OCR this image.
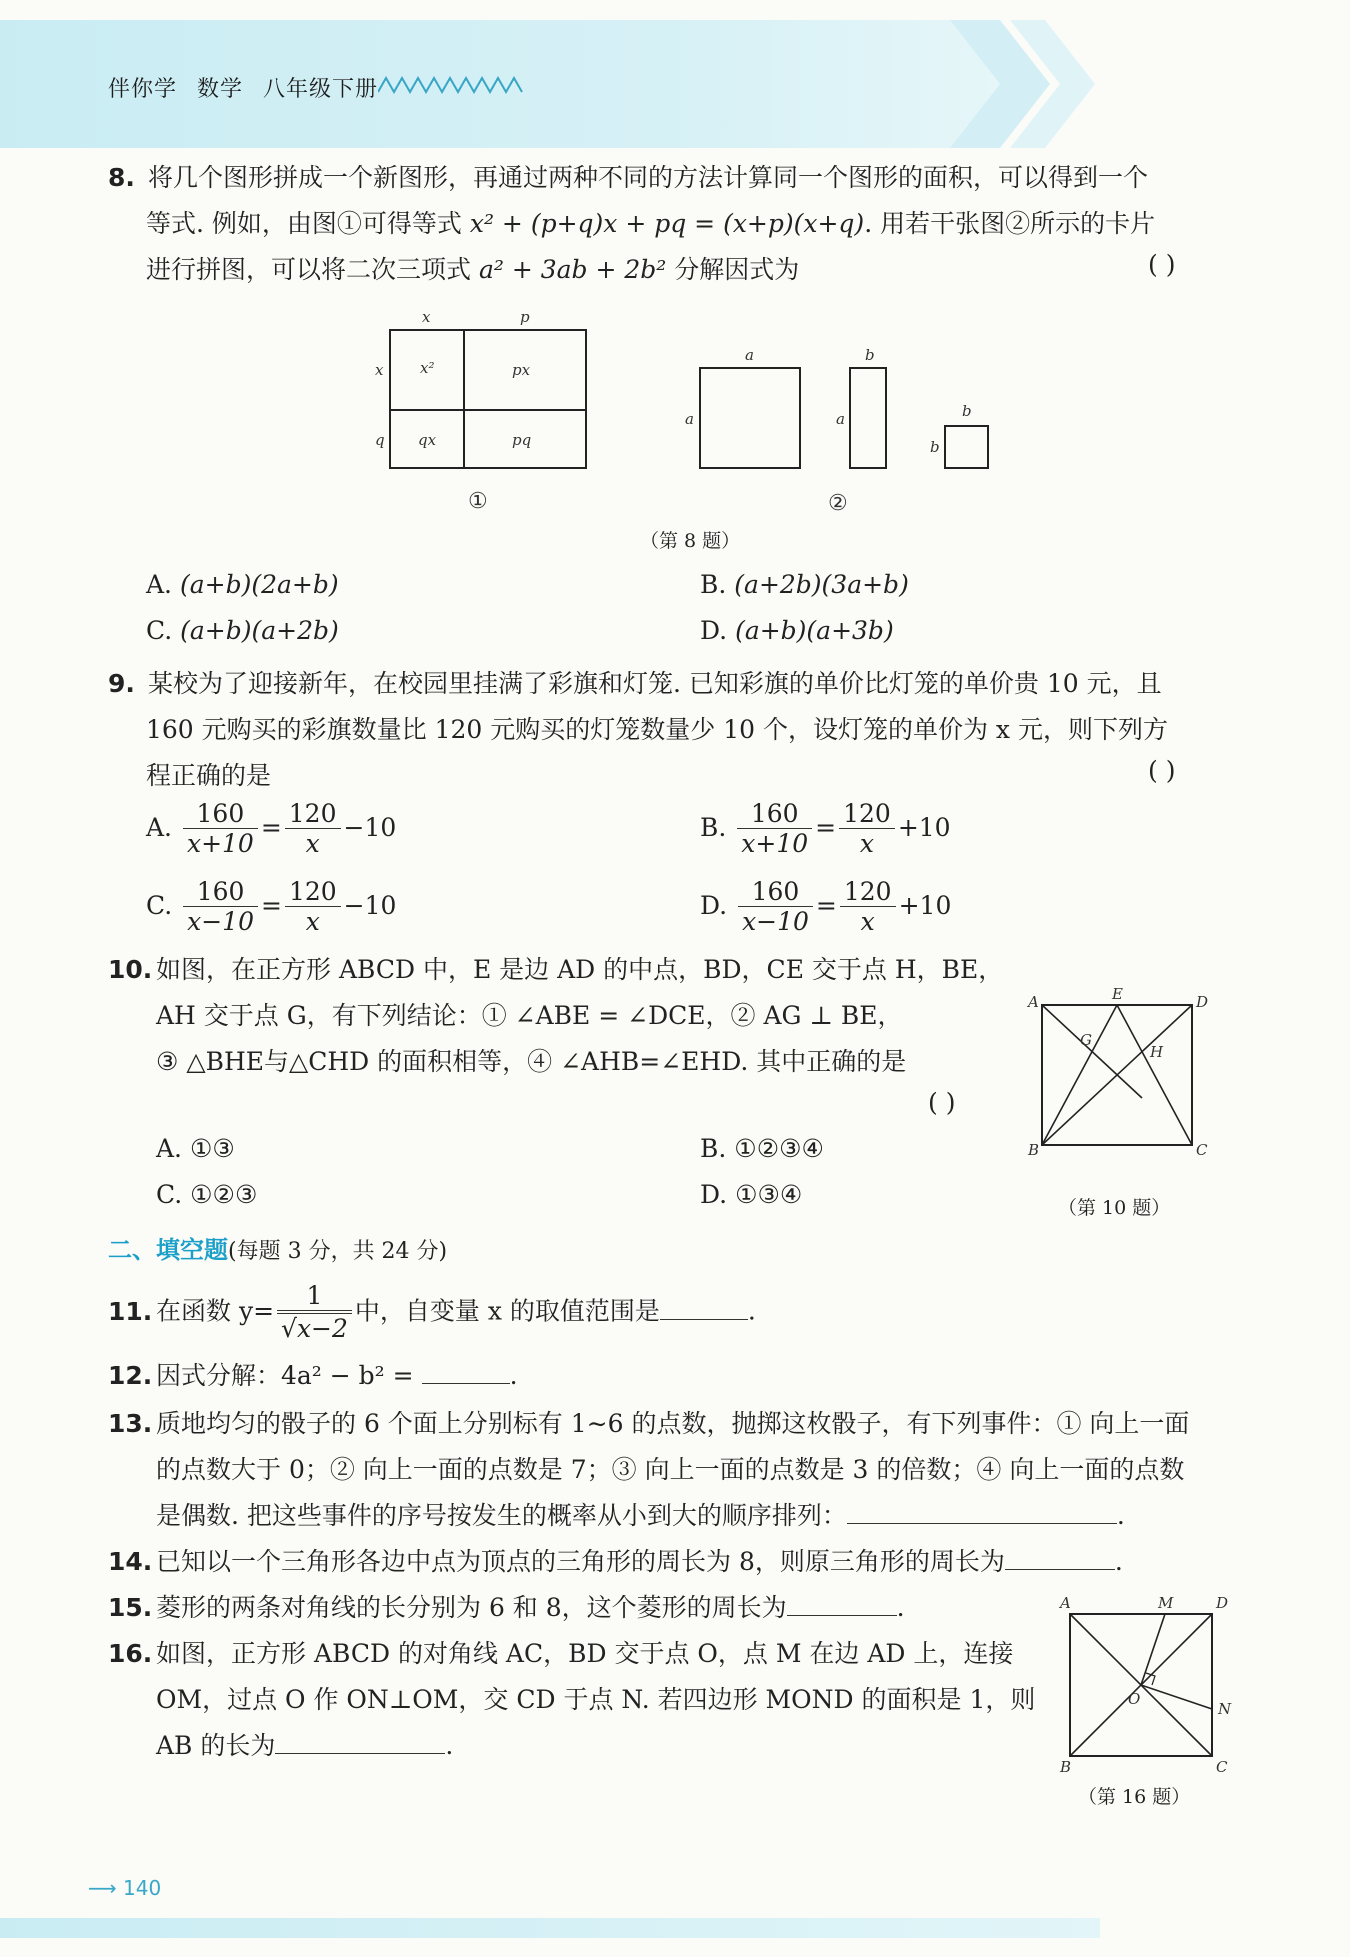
伴你学 数学 八年级下册
8. 将几个图形拼成一个新图形，再通过两种不同的方法计算同一个图形的面积，可以得到一个
等式. 例如，由图①可得等式 x² + (p+q)x + pq = (x+p)(x+q). 用若干张图②所示的卡片
进行拼图，可以将二次三项式 a² + 3ab + 2b² 分解因式为	( )
x	p
x
q
x²	px
qx	pq
①
a
a
b
a	b
b
②
（第 8 题）
A. (a+b)(2a+b)	B. (a+2b)(3a+b)
C. (a+b)(a+2b)	D. (a+b)(a+3b)
9. 某校为了迎接新年，在校园里挂满了彩旗和灯笼. 已知彩旗的单价比灯笼的单价贵 10 元，且
160 元购买的彩旗数量比 120 元购买的灯笼数量少 10 个，设灯笼的单价为 x 元，则下列方
程正确的是	( )
A. $\frac{160}{x+10} = \frac{120}{x} -10$	B. $\frac{160}{x+10} = \frac{120}{x} +10$
C. $\frac{160}{x-10} = \frac{120}{x} -10$	D. $\frac{160}{x-10} = \frac{120}{x} +10$
10. 如图，在正方形 ABCD 中，E 是边 AD 的中点，BD，CE 交于点 H，BE，
AH 交于点 G，有下列结论：① ∠ABE = ∠DCE，② AG ⊥ BE，
③ △BHE与△CHD 的面积相等，④ ∠AHB=∠EHD. 其中正确的是
( )
A	E	D
G
H
B	C
（第 10 题）
A. ①③	B. ①②③④
C. ①②③	D. ①③④
二、填空题(每题 3 分，共 24 分)
11. 在函数 $y= \frac{1}{√x-2}$ 中，自变量 x 的取值范围是	.
12. 因式分解：4a² − b² =	.
13. 质地均匀的骰子的 6 个面上分别标有 1∼6 的点数，抛掷这枚骰子，有下列事件：① 向上一面
的点数大于 0；② 向上一面的点数是 7；③ 向上一面的点数是 3 的倍数；④ 向上一面的点数
是偶数. 把这些事件的序号按发生的概率从小到大的顺序排列：	.
14. 已知以一个三角形各边中点为顶点的三角形的周长为 8，则原三角形的周长为	.
15. 菱形的两条对角线的长分别为 6 和 8，这个菱形的周长为	.
16. 如图，正方形 ABCD 的对角线 AC，BD 交于点 O，点 M 在边 AD 上，连接
OM，过点 O 作 ON⊥OM，交 CD 于点 N. 若四边形 MOND 的面积是 1，则
AB 的长为	.
A	M	D
O
N
B	C
（第 16 题）
⟶ 140
